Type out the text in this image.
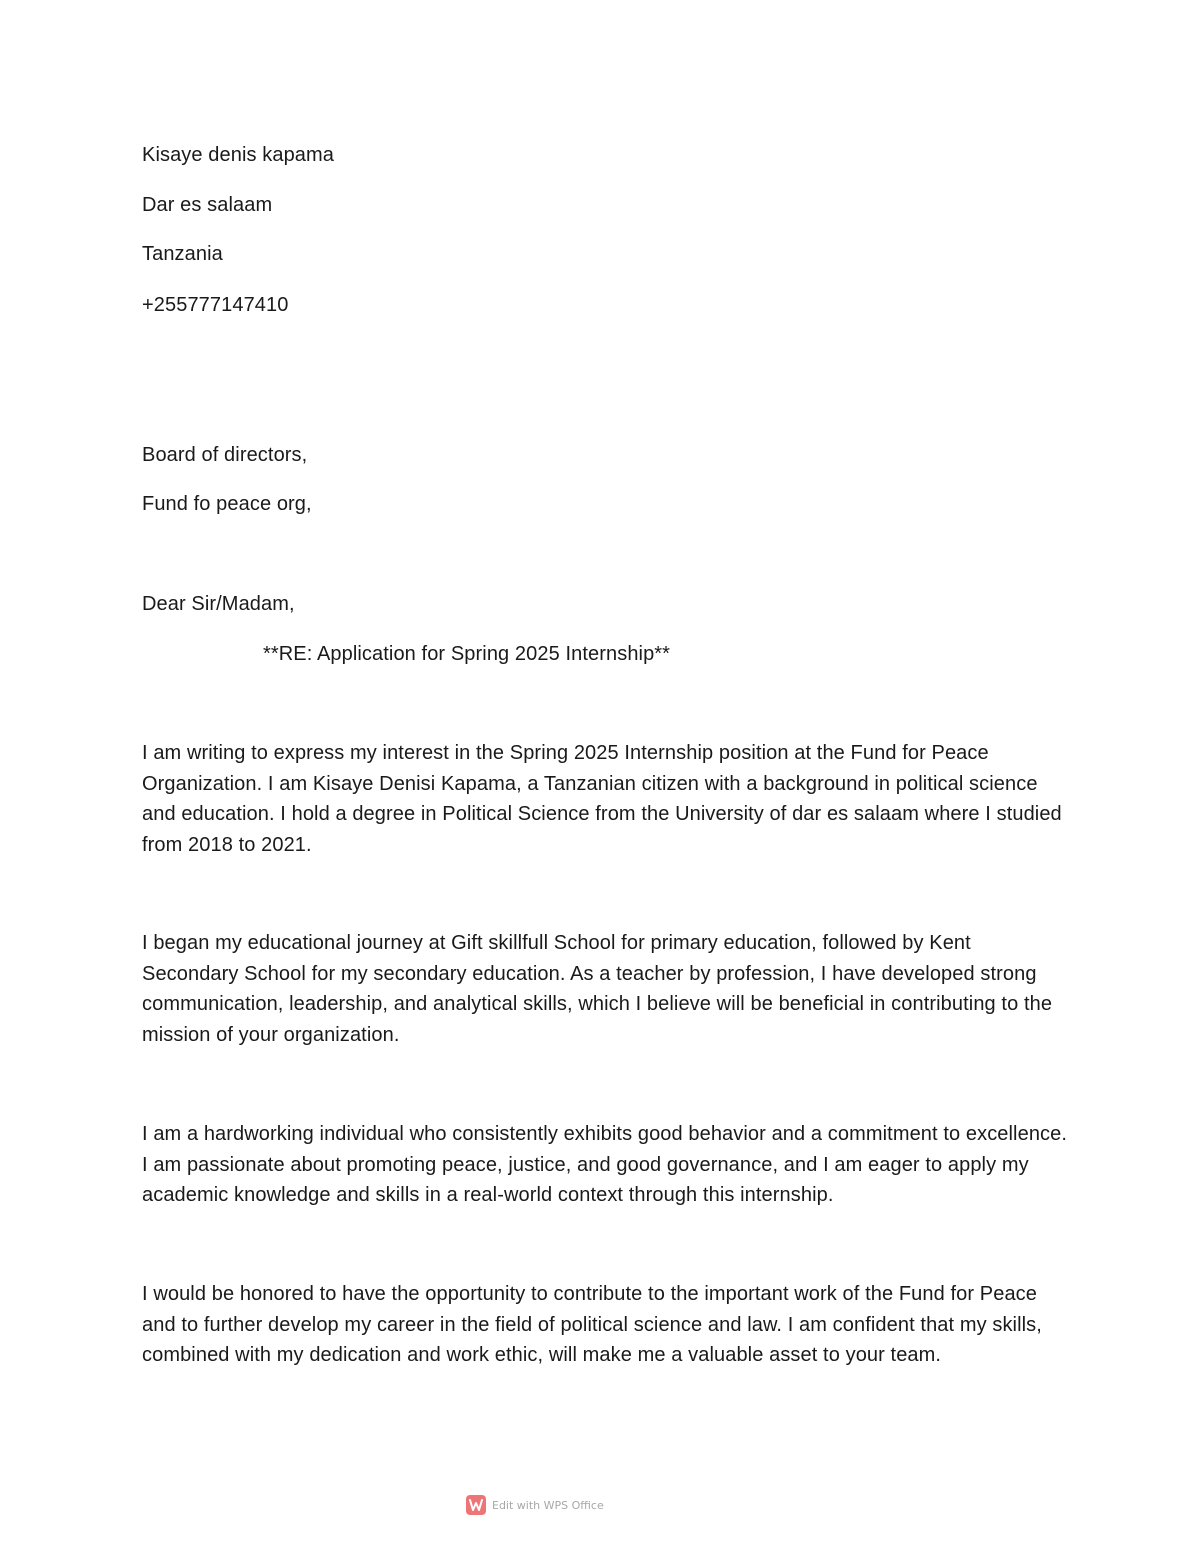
Kisaye denis kapama
Dar es salaam
Tanzania
+255777147410
Board of directors,
Fund fo peace org,
Dear Sir/Madam,
**RE: Application for Spring 2025 Internship**
I am writing to express my interest in the Spring 2025 Internship position at the Fund for Peace Organization. I am Kisaye Denisi Kapama, a Tanzanian citizen with a background in political science and education. I hold a degree in Political Science from the University of dar es salaam where I studied from 2018 to 2021.
I began my educational journey at Gift skillfull School for primary education, followed by Kent Secondary School for my secondary education. As a teacher by profession, I have developed strong communication, leadership, and analytical skills, which I believe will be beneficial in contributing to the mission of your organization.
I am a hardworking individual who consistently exhibits good behavior and a commitment to excellence. I am passionate about promoting peace, justice, and good governance, and I am eager to apply my academic knowledge and skills in a real-world context through this internship.
I would be honored to have the opportunity to contribute to the important work of the Fund for Peace and to further develop my career in the field of political science and law. I am confident that my skills, combined with my dedication and work ethic, will make me a valuable asset to your team.
Edit with WPS Office
